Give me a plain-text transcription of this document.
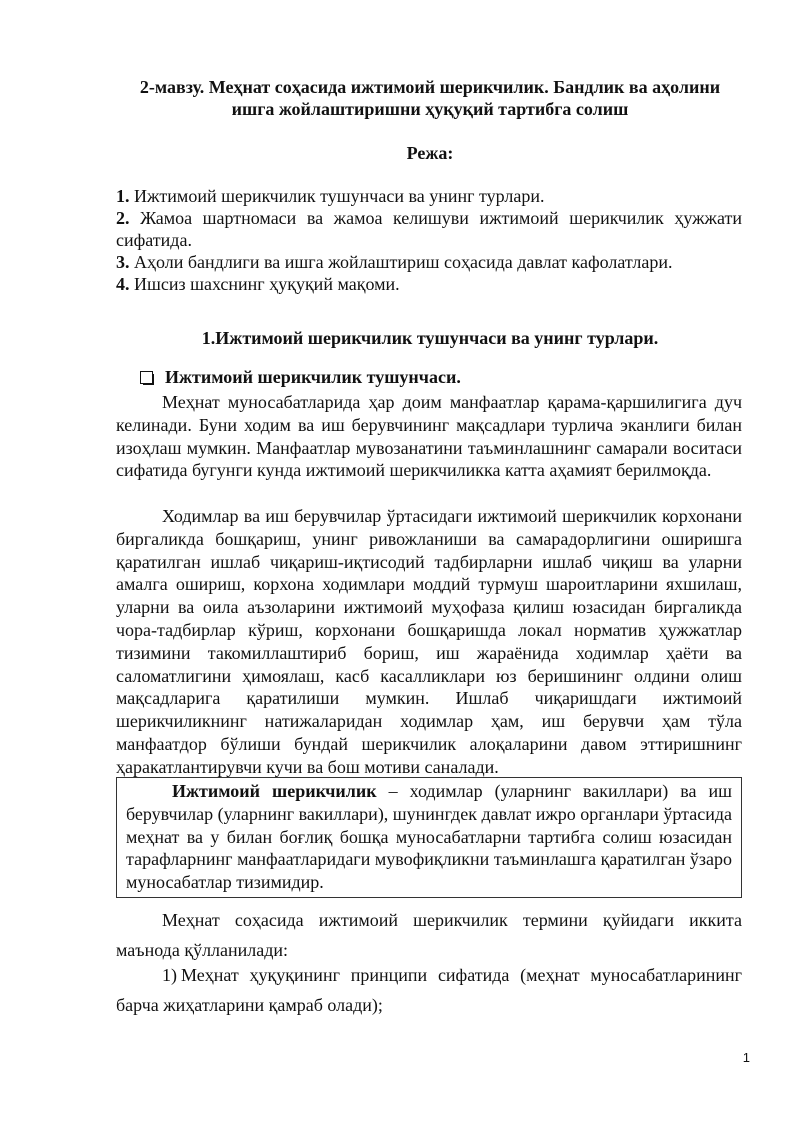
2-мавзу. Меҳнат соҳасида ижтимоий шерикчилик. Бандлик ва аҳолини
ишга жойлаштиришни ҳуқуқий тартибга солиш
Режа:
1. Ижтимоий шерикчилик тушунчаси ва унинг турлари.
2. Жамоа шартномаси ва жамоа келишуви ижтимоий шерикчилик ҳужжати сифатида.
3. Аҳоли бандлиги ва ишга жойлаштириш соҳасида давлат кафолатлари.
4. Ишсиз шахснинг ҳуқуқий мақоми.
1.Ижтимоий шерикчилик тушунчаси ва унинг турлари.
Ижтимоий шерикчилик тушунчаси.

Меҳнат муносабатларида ҳар доим манфаатлар қарама-қаршилигига дуч келинади. Буни ходим ва иш берувчининг мақсадлари турлича эканлиги билан изоҳлаш мумкин. Манфаатлар мувозанатини таъминлашнинг самарали воситаси сифатида бугунги кунда ижтимоий шерикчиликка катта аҳамият берилмоқда.

Ходимлар ва иш берувчилар ўртасидаги ижтимоий шерикчилик корхонани биргаликда бошқариш, унинг ривожланиши ва самарадорлигини оширишга қаратилган ишлаб чиқариш-иқтисодий тадбирларни ишлаб чиқиш ва уларни амалга ошириш, корхона ходимлари моддий турмуш шароитларини яхшилаш, уларни ва оила аъзоларини ижтимоий муҳофаза қилиш юзасидан биргаликда чора-тадбирлар кўриш, корхонани бошқаришда локал норматив ҳужжатлар тизимини такомиллаштириб бориш, иш жараёнида ходимлар ҳаёти ва саломатлигини ҳимоялаш, касб касалликлари юз беришининг олдини олиш мақсадларига қаратилиши мумкин. Ишлаб чиқаришдаги ижтимоий шерикчиликнинг натижаларидан ходимлар ҳам, иш берувчи ҳам тўла манфаатдор бўлиши бундай шерикчилик алоқаларини давом эттиришнинг ҳаракатлантирувчи кучи ва бош мотиви саналади.

Ижтимоий шерикчилик – ходимлар (уларнинг вакиллари) ва иш берувчилар (уларнинг вакиллари), шунингдек давлат ижро органлари ўртасида меҳнат ва у билан боғлиқ бошқа муносабатларни тартибга солиш юзасидан тарафларнинг манфаатларидаги мувофиқликни таъминлашга қаратилган ўзаро муносабатлар тизимидир.

Меҳнат соҳасида ижтимоий шерикчилик термини қуйидаги иккита маънода қўлланилади:

1) Меҳнат ҳуқуқининг принципи сифатида (меҳнат муносабатларининг барча жиҳатларини қамраб олади);
1
